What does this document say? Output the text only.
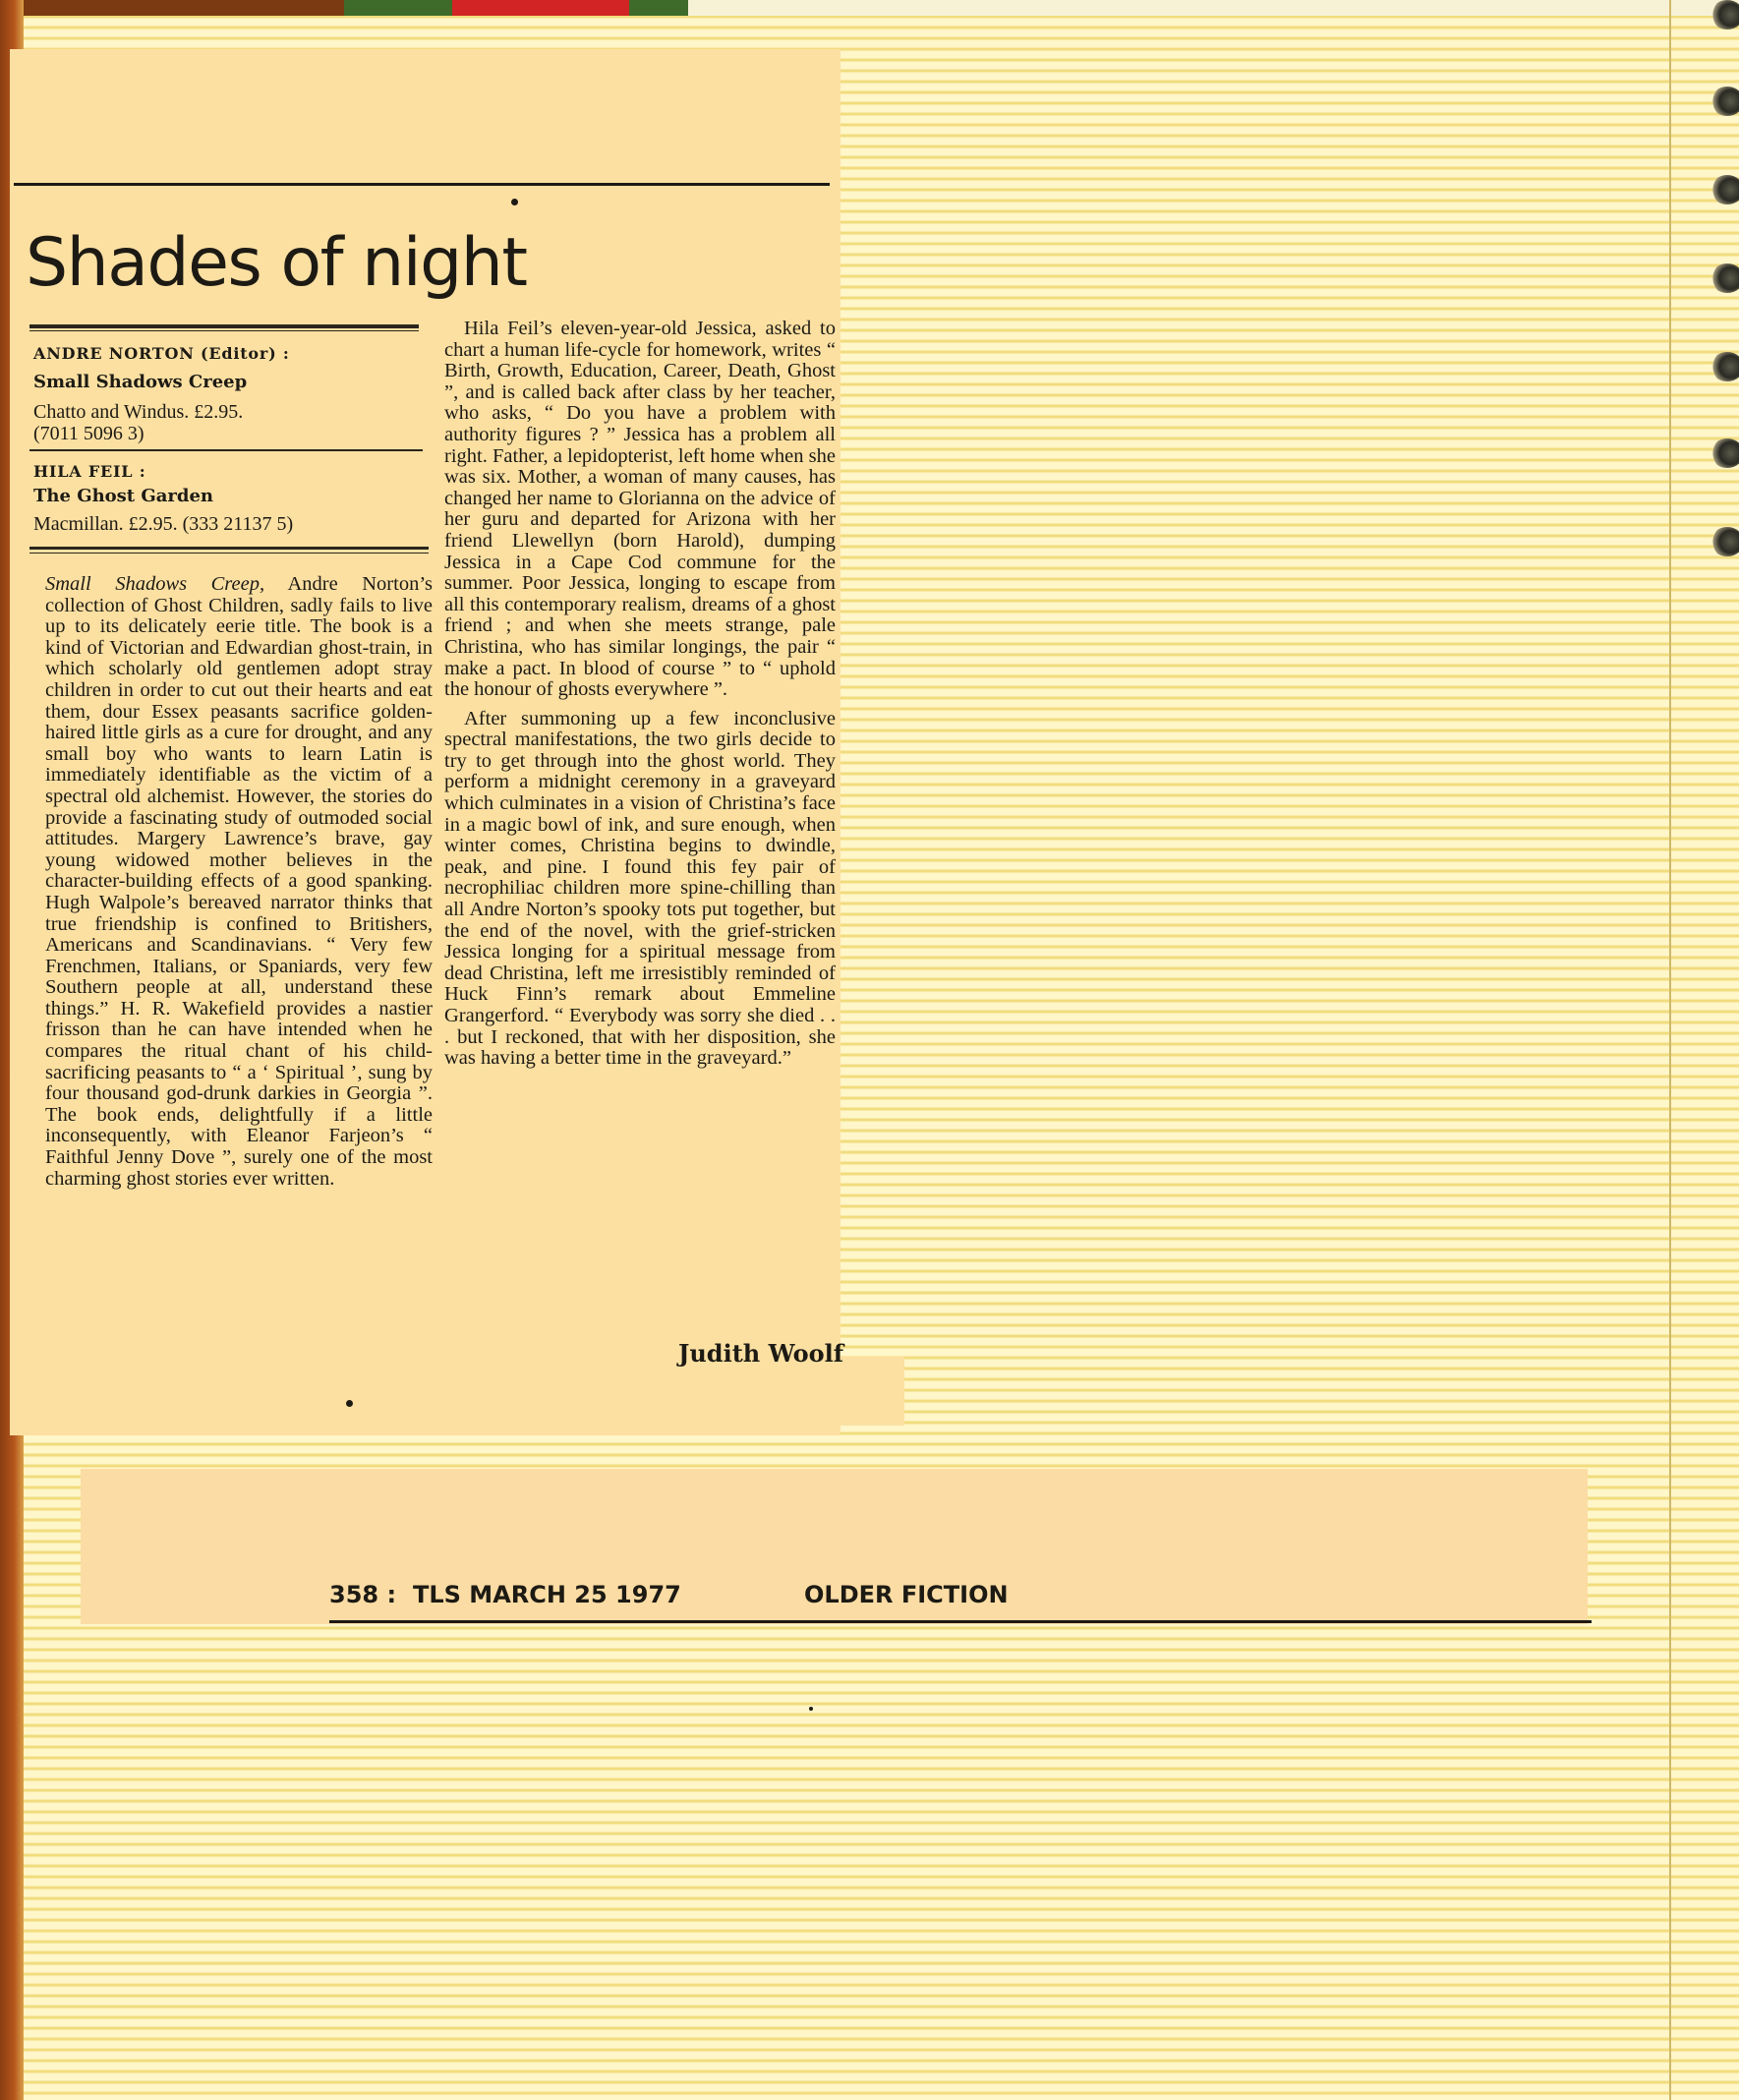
Shades of night
ANDRE NORTON (Editor) :
Small Shadows Creep
Chatto and Windus. £2.95.
(7011 5096 3)
HILA FEIL :
The Ghost Garden
Macmillan. £2.95. (333 21137 5)

Small Shadows Creep, Andre Norton’s collection of Ghost Children, sadly fails to live up to its delicately eerie title. The book is a kind of Victorian and Edwardian ghost-train, in which scholarly old gentlemen adopt stray children in order to cut out their hearts and eat them, dour Essex peasants sacrifice golden-haired little girls as a cure for drought, and any small boy who wants to learn Latin is immediately identifiable as the victim of a spectral old alchemist. However, the stories do provide a fascinating study of outmoded social attitudes. Margery Lawrence’s brave, gay young widowed mother believes in the character-building effects of a good spanking. Hugh Walpole’s bereaved narrator thinks that true friendship is confined to Britishers, Americans and Scandinavians. “ Very few Frenchmen, Italians, or Spaniards, very few Southern people at all, understand these things.” H. R. Wakefield provides a nastier frisson than he can have intended when he compares the ritual chant of his child-sacrificing peasants to “ a ‘ Spiritual ’, sung by four thousand god-drunk darkies in Georgia ”. The book ends, delightfully if a little inconsequently, with Eleanor Farjeon’s “ Faithful Jenny Dove ”, surely one of the most charming ghost stories ever written.

Hila Feil’s eleven-year-old Jessica, asked to chart a human life-cycle for homework, writes “ Birth, Growth, Education, Career, Death, Ghost ”, and is called back after class by her teacher, who asks, “ Do you have a problem with authority figures ? ” Jessica has a problem all right. Father, a lepidopterist, left home when she was six. Mother, a woman of many causes, has changed her name to Glorianna on the advice of her guru and departed for Arizona with her friend Llewellyn (born Harold), dumping Jessica in a Cape Cod commune for the summer. Poor Jessica, longing to escape from all this contemporary realism, dreams of a ghost friend ; and when she meets strange, pale Christina, who has similar longings, the pair “ make a pact. In blood of course ” to “ uphold the honour of ghosts everywhere ”.

After summoning up a few inconclusive spectral manifestations, the two girls decide to try to get through into the ghost world. They perform a midnight ceremony in a graveyard which culminates in a vision of Christina’s face in a magic bowl of ink, and sure enough, when winter comes, Christina begins to dwindle, peak, and pine. I found this fey pair of necrophiliac children more spine-chilling than all Andre Norton’s spooky tots put together, but the end of the novel, with the grief-stricken Jessica longing for a spiritual message from dead Christina, left me irresistibly reminded of Huck Finn’s remark about Emmeline Grangerford. “ Everybody was sorry she died . . . but I reckoned, that with her disposition, she was having a better time in the graveyard.”

Judith Woolf
358 : TLS MARCH 25 1977	OLDER FICTION
